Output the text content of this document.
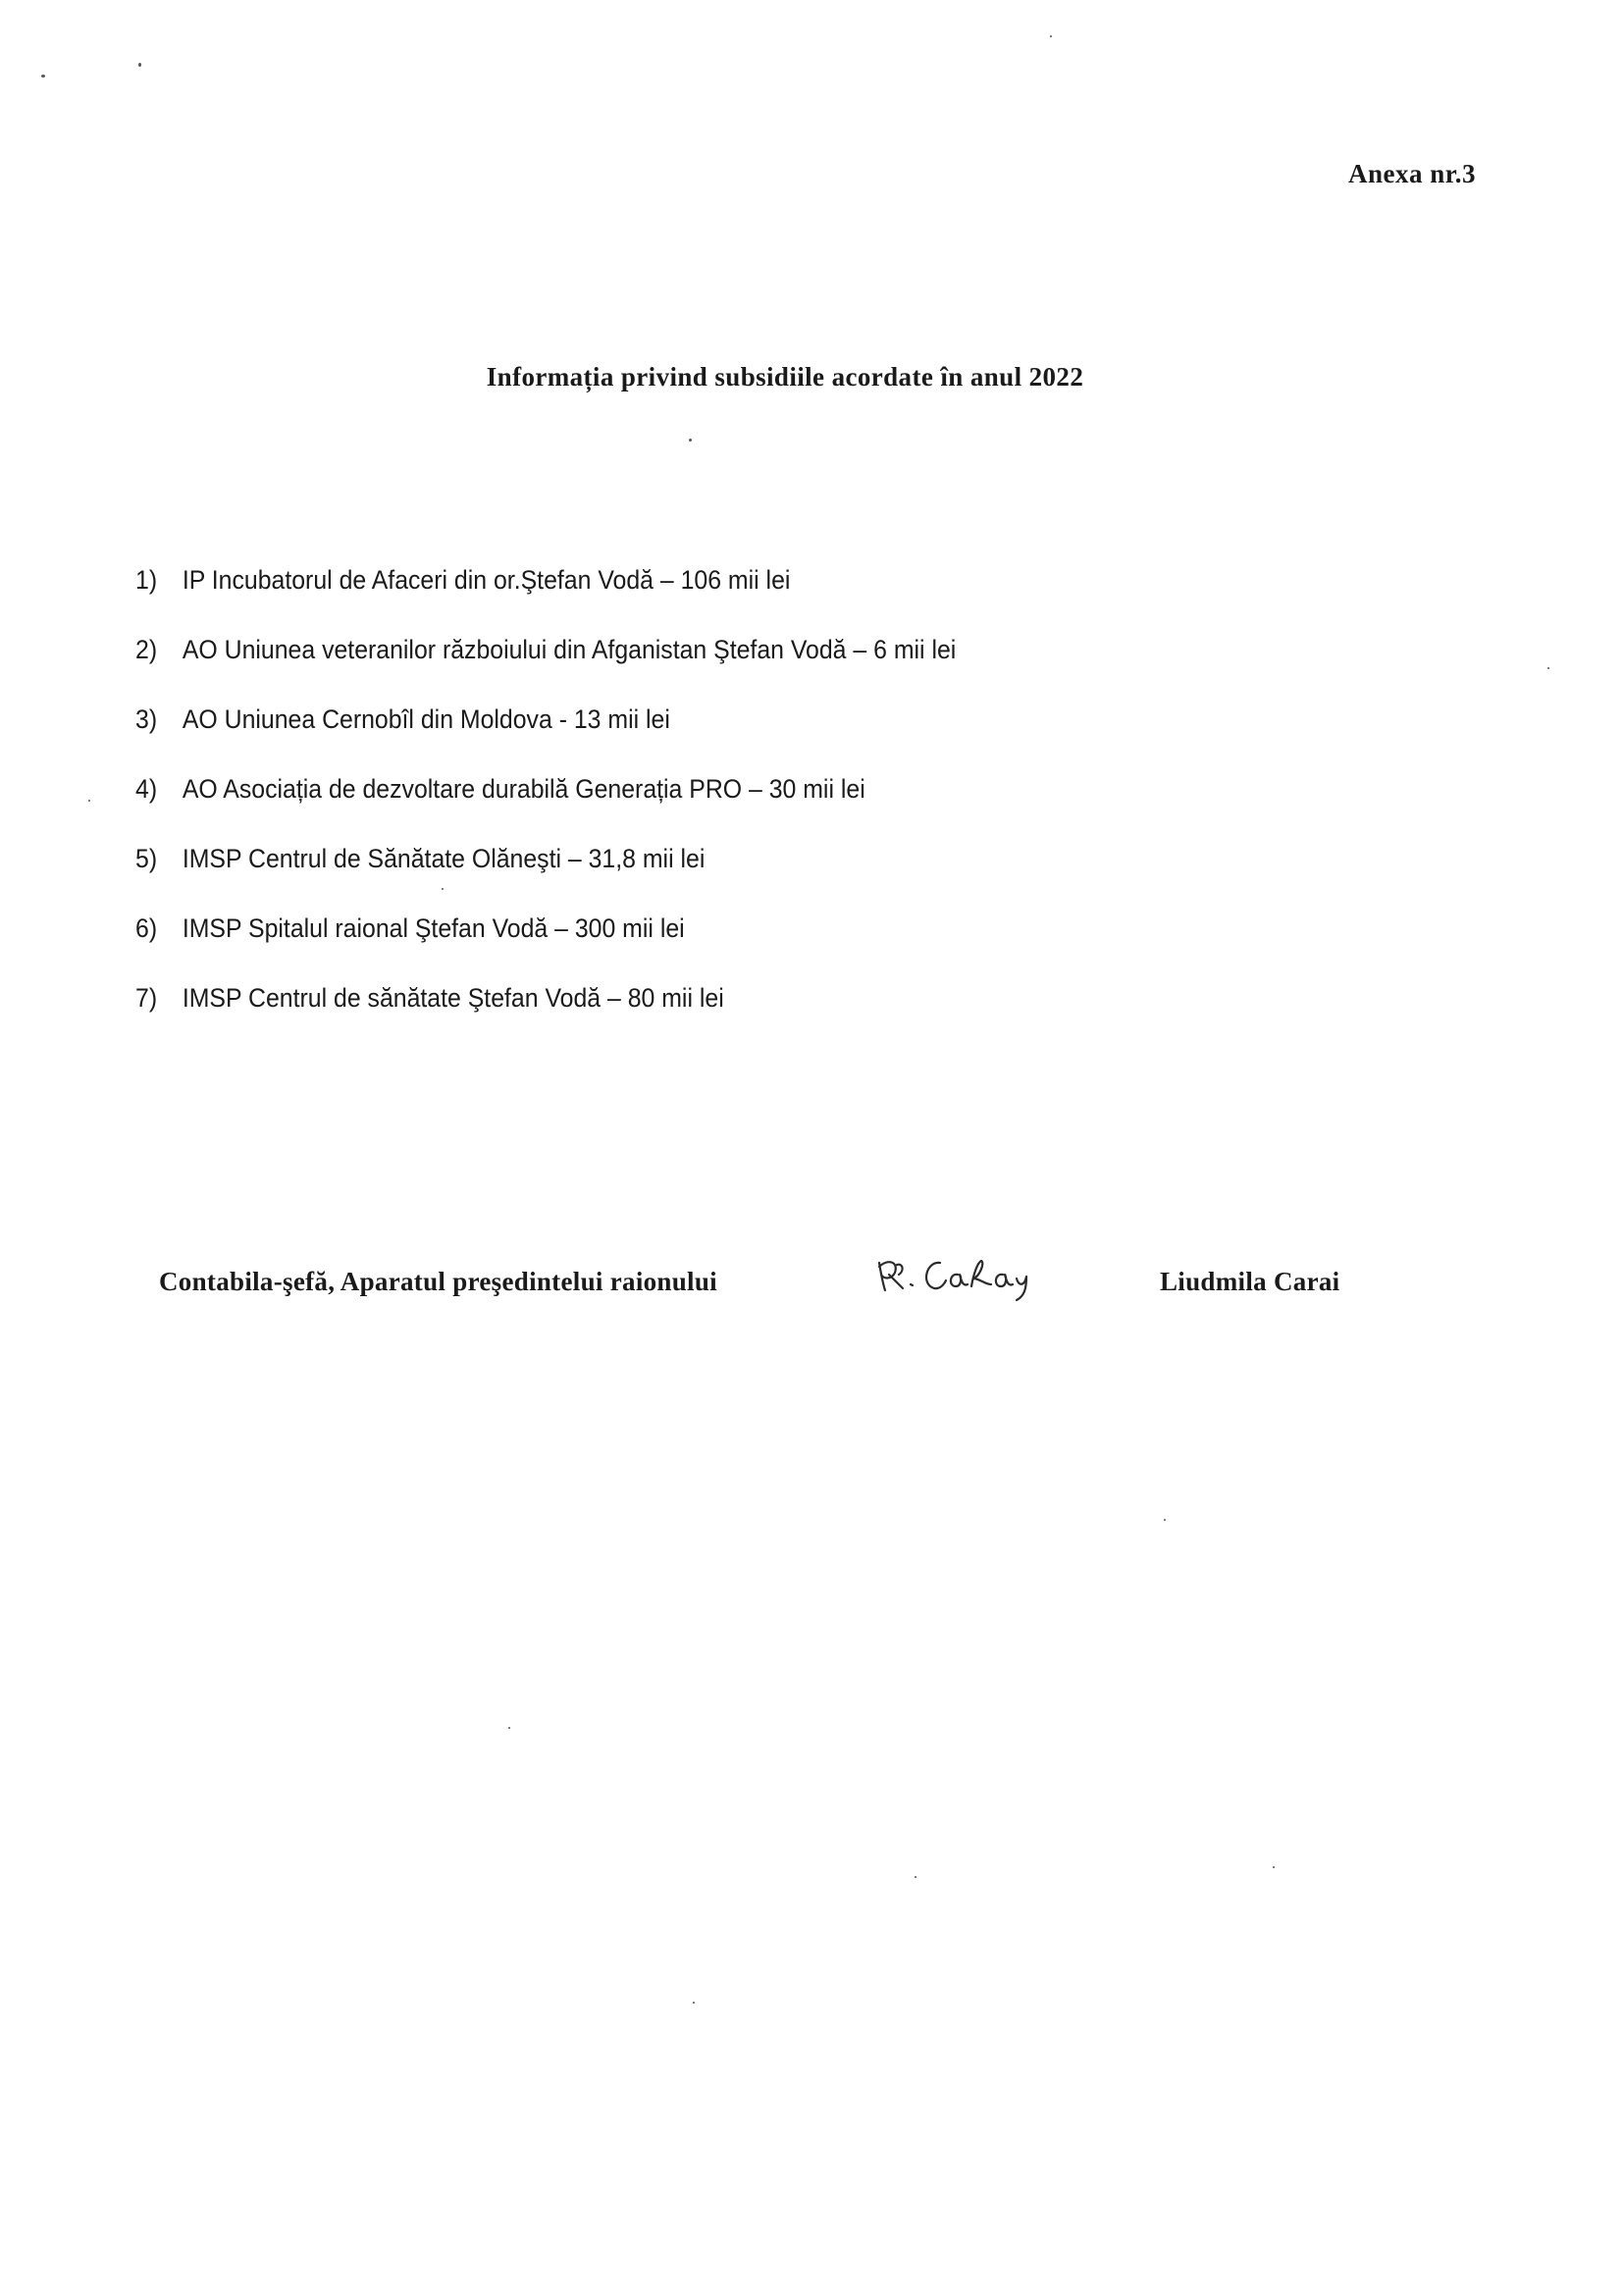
Anexa nr.3
Informația privind subsidiile acordate în anul 2022
1) IP Incubatorul de Afaceri din or.Ştefan Vodă – 106 mii lei
2) AO Uniunea veteranilor războiului din Afganistan Ştefan Vodă – 6 mii lei
3) AO Uniunea Cernobîl din Moldova - 13 mii lei
4) AO Asociația de dezvoltare durabilă Generația PRO – 30 mii lei
5) IMSP Centrul de Sănătate Olăneşti – 31,8 mii lei
6) IMSP Spitalul raional Ştefan Vodă – 300 mii lei
7) IMSP Centrul de sănătate Ştefan Vodă – 80 mii lei
Contabila-şefă, Aparatul preşedintelui raionului	Liudmila Carai
